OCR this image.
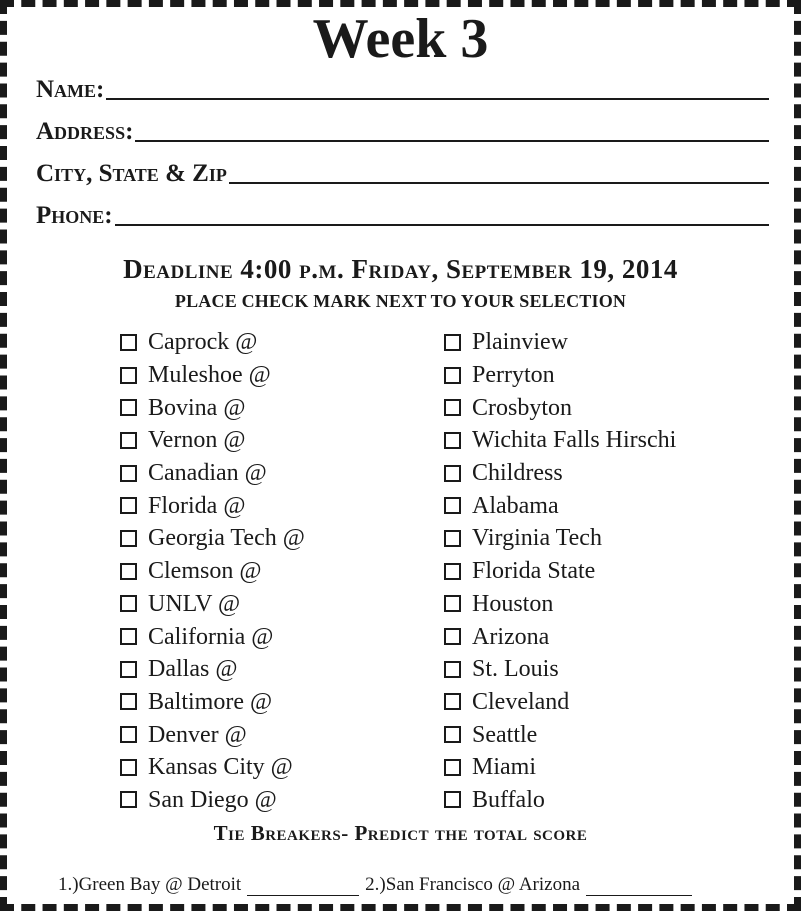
Week 3
Name:
Address:
City, State & Zip
Phone:
Deadline 4:00 p.m. Friday, September 19, 2014
PLACE CHECK MARK NEXT TO YOUR SELECTION
Caprock @
Muleshoe @
Bovina @
Vernon @
Canadian @
Florida @
Georgia Tech @
Clemson @
UNLV @
California @
Dallas @
Baltimore @
Denver @
Kansas City @
San Diego @
Plainview
Perryton
Crosbyton
Wichita Falls Hirschi
Childress
Alabama
Virginia Tech
Florida State
Houston
Arizona
St. Louis
Cleveland
Seattle
Miami
Buffalo
Tie Breakers- Predict the total score
1.)Green Bay @ Detroit	2.)San Francisco @ Arizona
